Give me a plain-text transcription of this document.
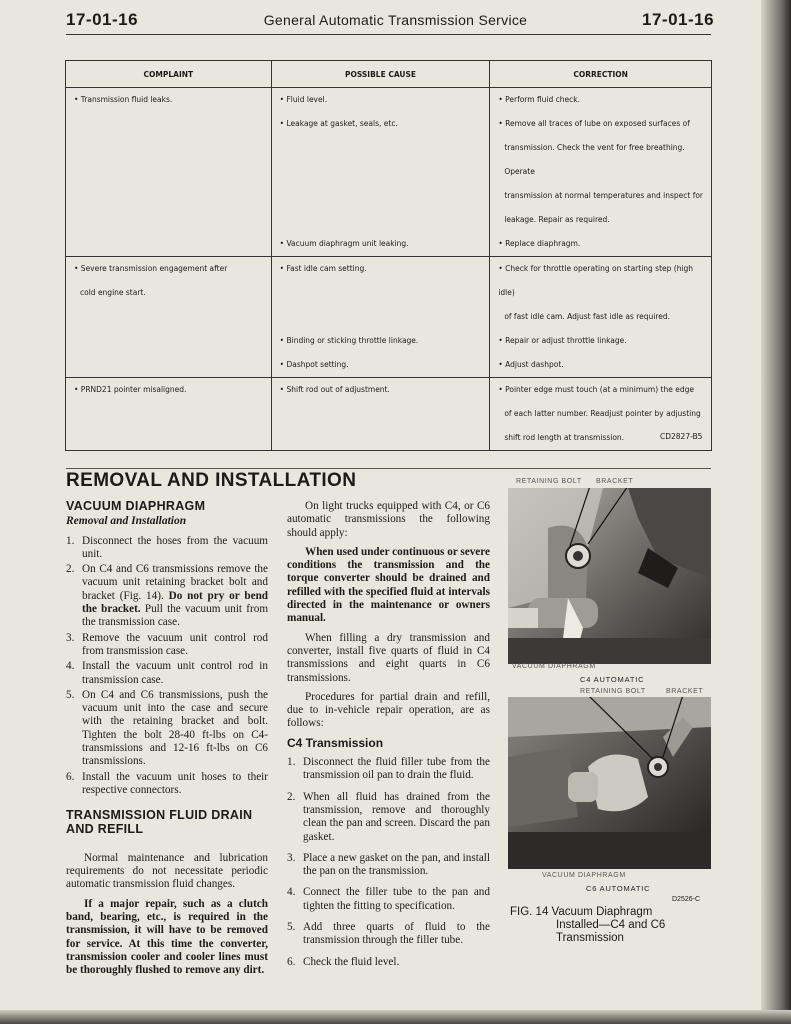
17-01-16	General Automatic Transmission Service	17-01-16
COMPLAINT	POSSIBLE CAUSE	CORRECTION

• Transmission fluid leaks.	• Fluid level.	• Perform fluid check.

	• Leakage at gasket, seals, etc.	• Remove all traces of lube on exposed surfaces of
transmission. Check the vent for free breathing. Operate
transmission at normal temperatures and inspect for
leakage. Repair as required.

	• Vacuum diaphragm unit leaking.	• Replace diaphragm.

• Severe transmission engagement after
cold engine start.	• Fast idle cam setting.	• Check for throttle operating on starting step (high idle)
of fast idle cam. Adjust fast idle as required.

	• Binding or sticking throttle linkage.	• Repair or adjust throttle linkage.

	• Dashpot setting.	• Adjust dashpot.

• PRND21 pointer misaligned.	• Shift rod out of adjustment.	• Pointer edge must touch (at a minimum) the edge
of each latter number. Readjust pointer by adjusting
shift rod length at transmission.	CD2827-B5
REMOVAL AND INSTALLATION
VACUUM DIAPHRAGM
Removal and Installation
1. Disconnect the hoses from the vacuum unit.
2. On C4 and C6 transmissions remove the vacuum unit retaining bracket bolt and bracket (Fig. 14). Do not pry or bend the bracket. Pull the vacuum unit from the transmission case.
3. Remove the vacuum unit control rod from transmission case.
4. Install the vacuum unit control rod in transmission case.
5. On C4 and C6 transmissions, push the vacuum unit into the case and secure with the retaining bracket and bolt. Tighten the bolt 28-40 ft-lbs on C4-transmissions and 12-16 ft-lbs on C6 transmissions.
6. Install the vacuum unit hoses to their respective connectors.
TRANSMISSION FLUID DRAIN AND REFILL

Normal maintenance and lubrication requirements do not necessitate periodic automatic transmission fluid changes.

If a major repair, such as a clutch band, bearing, etc., is required in the transmission, it will have to be removed for service. At this time the converter, transmission cooler and cooler lines must be thoroughly flushed to remove any dirt.

On light trucks equipped with C4, or C6 automatic transmissions the following should apply:

When used under continuous or severe conditions the transmission and the torque converter should be drained and refilled with the specified fluid at intervals directed in the maintenance or owners manual.

When filling a dry transmission and converter, install five quarts of fluid in C4 transmissions and eight quarts in C6 transmissions.

Procedures for partial drain and refill, due to in-vehicle repair operation, are as follows:

C4 Transmission
1. Disconnect the fluid filler tube from the transmission oil pan to drain the fluid.
2. When all fluid has drained from the transmission, remove and thoroughly clean the pan and screen. Discard the pan gasket.
3. Place a new gasket on the pan, and install the pan on the transmission.
4. Connect the filler tube to the pan and tighten the fitting to specification.
5. Add three quarts of fluid to the transmission through the filler tube.
6. Check the fluid level.
RETAINING BOLT BRACKET
VACUUM DIAPHRAGM
C4 AUTOMATIC
RETAINING BOLT	BRACKET
VACUUM DIAPHRAGM
C6 AUTOMATIC
D2526-C
FIG. 14 Vacuum Diaphragm
Installed—C4 and C6
Transmission
